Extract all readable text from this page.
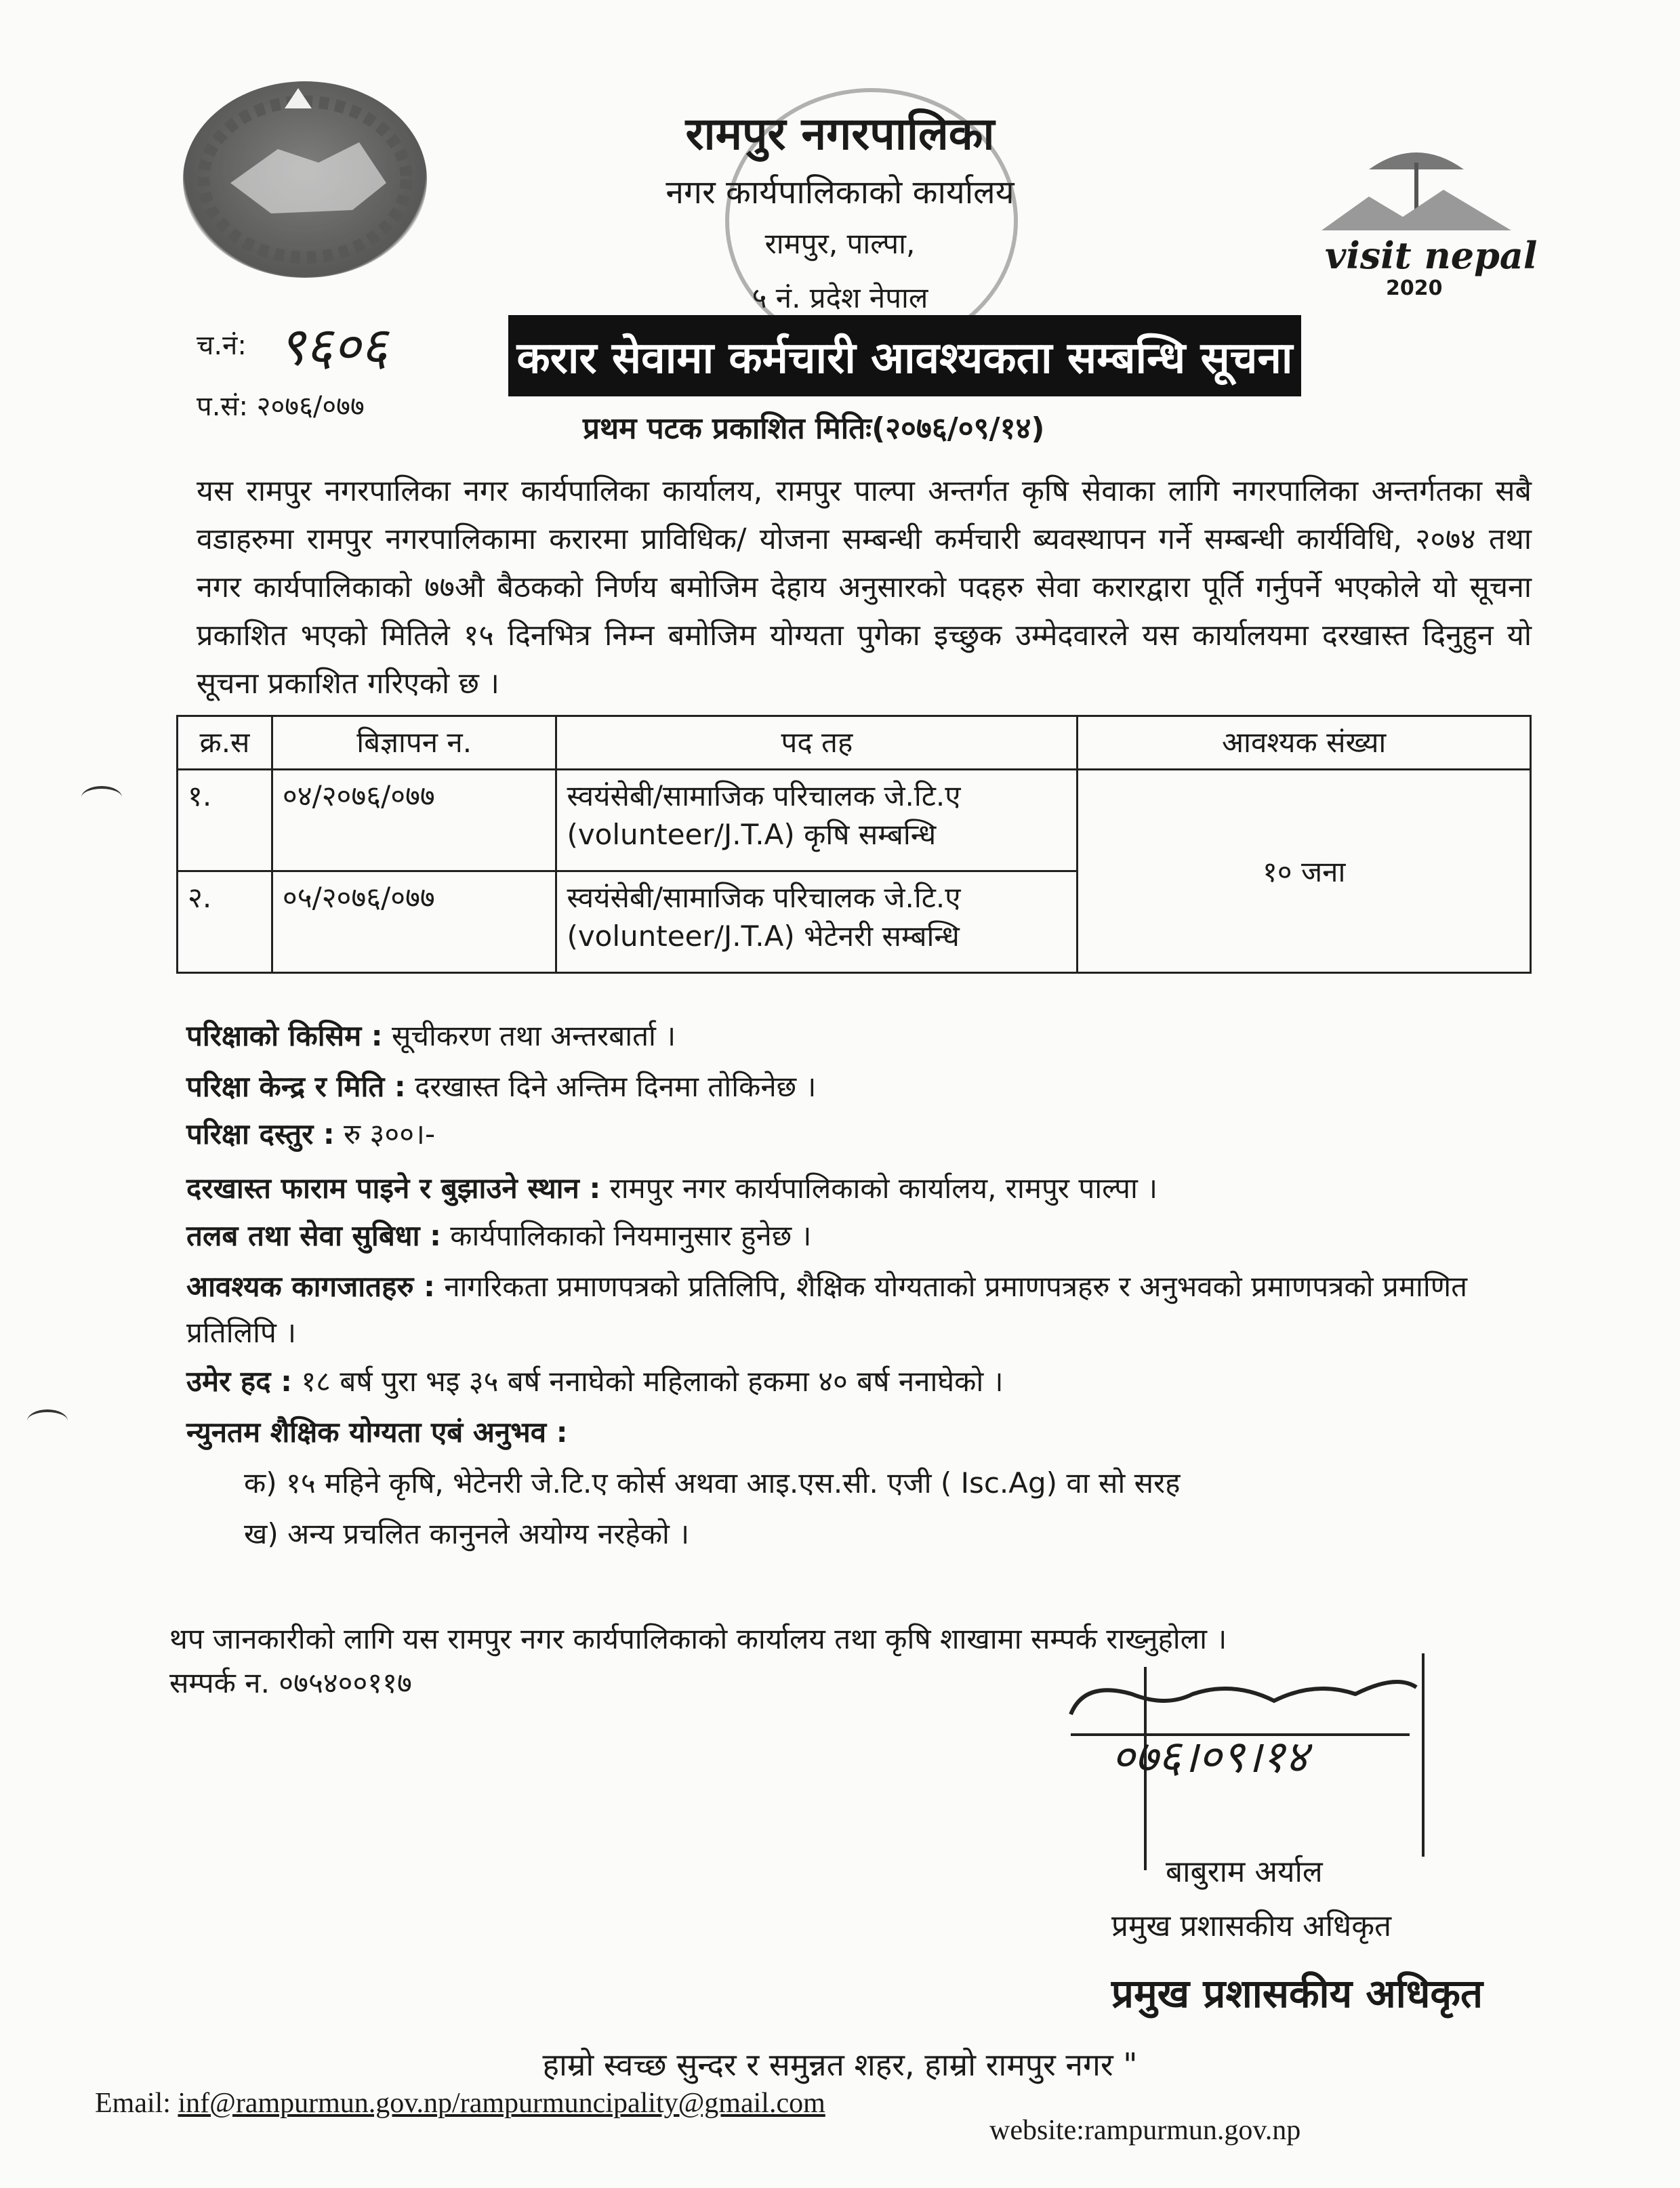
रामपुर नगरपालिका
नगर कार्यपालिकाको कार्यालय
रामपुर, पाल्पा,
५ नं. प्रदेश नेपाल
visit nepal
2020
च.नं: ९६०६
प.सं: २०७६/०७७
करार सेवामा कर्मचारी आवश्यकता सम्बन्धि सूचना
प्रथम पटक प्रकाशित मितिः(२०७६/०९/१४)
यस रामपुर नगरपालिका नगर कार्यपालिका कार्यालय, रामपुर पाल्पा अन्तर्गत कृषि सेवाका लागि नगरपालिका अन्तर्गतका सबै वडाहरुमा रामपुर नगरपालिकामा करारमा प्राविधिक/ योजना सम्बन्धी कर्मचारी ब्यवस्थापन गर्ने सम्बन्धी कार्यविधि, २०७४ तथा नगर कार्यपालिकाको ७७औ बैठकको निर्णय बमोजिम देहाय अनुसारको पदहरु सेवा करारद्वारा पूर्ति गर्नुपर्ने भएकोले यो सूचना प्रकाशित भएको मितिले १५ दिनभित्र निम्न बमोजिम योग्यता पुगेका इच्छुक उम्मेदवारले यस कार्यालयमा दरखास्त दिनुहुन यो सूचना प्रकाशित गरिएको छ ।
क्र.स	बिज्ञापन न.	पद तह	आवश्यक संख्या
१.	०४/२०७६/०७७	स्वयंसेबी/सामाजिक परिचालक जे.टि.ए (volunteer/J.T.A) कृषि सम्बन्धि	१० जना
२.	०५/२०७६/०७७	स्वयंसेबी/सामाजिक परिचालक जे.टि.ए (volunteer/J.T.A) भेटेनरी सम्बन्धि	
परिक्षाको किसिम : सूचीकरण तथा अन्तरबार्ता ।
परिक्षा केन्द्र र मिति : दरखास्त दिने अन्तिम दिनमा तोकिनेछ ।
परिक्षा दस्तुर : रु ३००।-
दरखास्त फाराम पाइने र बुझाउने स्थान : रामपुर नगर कार्यपालिकाको कार्यालय, रामपुर पाल्पा ।
तलब तथा सेवा सुबिधा : कार्यपालिकाको नियमानुसार हुनेछ ।
आवश्यक कागजातहरु : नागरिकता प्रमाणपत्रको प्रतिलिपि, शैक्षिक योग्यताको प्रमाणपत्रहरु र अनुभवको प्रमाणपत्रको प्रमाणित प्रतिलिपि ।
उमेर हद : १८ बर्ष पुरा भइ ३५ बर्ष ननाघेको महिलाको हकमा ४० बर्ष ननाघेको ।
न्युनतम शैक्षिक योग्यता एबं अनुभव :
क) १५ महिने कृषि, भेटेनरी जे.टि.ए कोर्स अथवा आइ.एस.सी. एजी ( Isc.Ag) वा सो सरह
ख) अन्य प्रचलित कानुनले अयोग्य नरहेको ।
थप जानकारीको लागि यस रामपुर नगर कार्यपालिकाको कार्यालय तथा कृषि शाखामा सम्पर्क राख्नुहोला ।
सम्पर्क न. ०७५४००११७
०७६।०९।१४
बाबुराम अर्याल
प्रमुख प्रशासकीय अधिकृत
प्रमुख प्रशासकीय अधिकृत
हाम्रो स्वच्छ सुन्दर र समुन्नत शहर, हाम्रो रामपुर नगर "
Email: inf@rampurmun.gov.np/rampurmuncipality@gmail.com
website:rampurmun.gov.np
